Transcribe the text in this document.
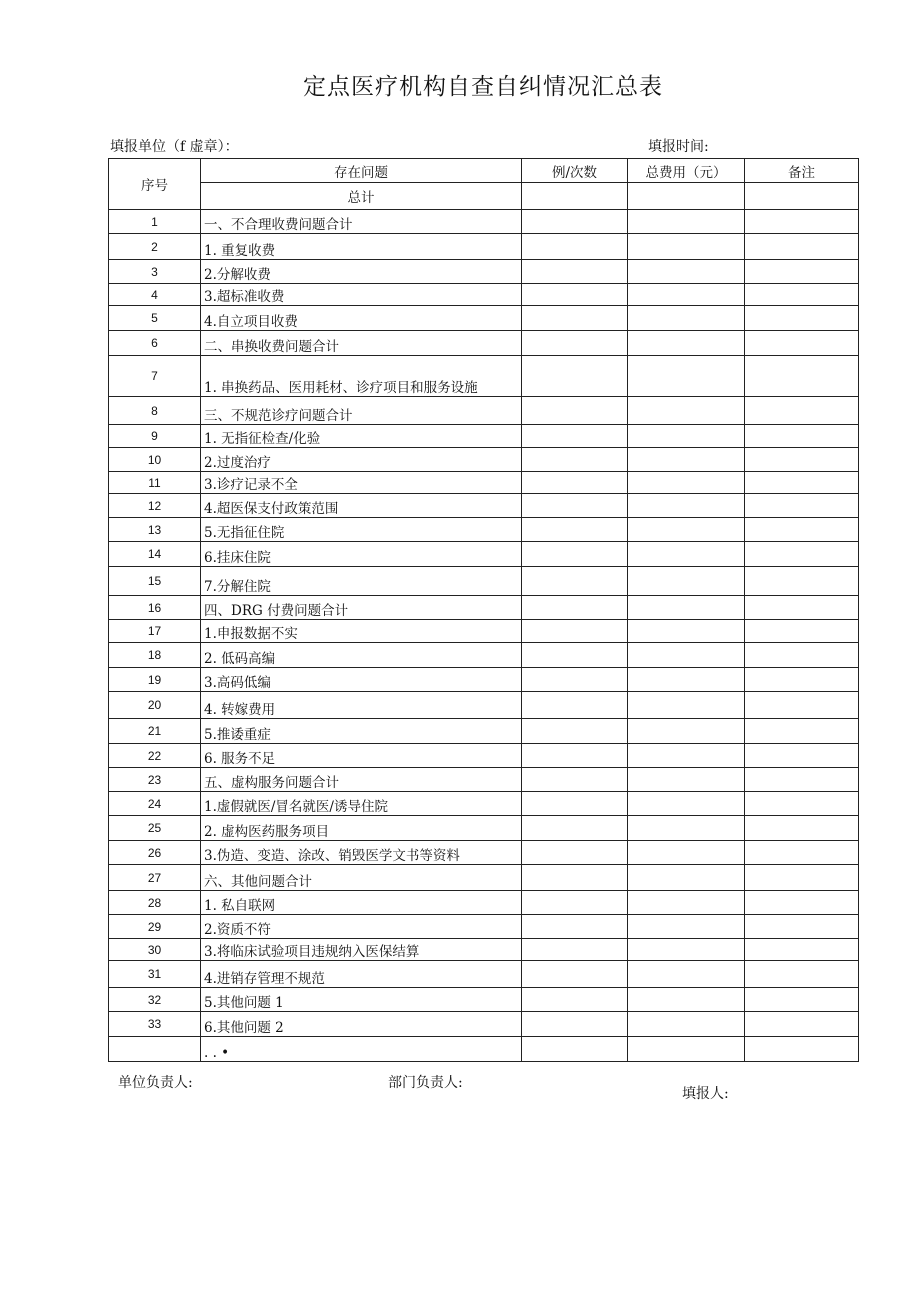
定点医疗机构自查自纠情况汇总表
填报单位（f 虚章）：	填报时间:
序号	存在问题	例/次数	总费用（元）	备注
	总计			
1	一、不合理收费问题合计			
2	1. 重复收费			
3	2.分解收费			
4	3.超标准收费			
5	4.自立项目收费			
6	二、串换收费问题合计			
7	1. 串换药品、医用耗材、诊疗项目和服务设施			
8	三、不规范诊疗问题合计			
9	1. 无指征检查/化验			
10	2.过度治疗			
11	3.诊疗记录不全			
12	4.超医保支付政策范围			
13	5.无指征住院			
14	6.挂床住院			
15	7.分解住院			
16	四、DRG 付费问题合计			
17	1.申报数据不实			
18	2. 低码高编			
19	3.高码低编			
20	4. 转嫁费用			
21	5.推诿重症			
22	6. 服务不足			
23	五、虚构服务问题合计			
24	1.虚假就医/冒名就医/诱导住院			
25	2. 虚构医药服务项目			
26	3.伪造、变造、涂改、销毁医学文书等资料			
27	六、其他问题合计			
28	1. 私自联网			
29	2.资质不符			
30	3.将临床试验项目违规纳入医保结算			
31	4.进销存管理不规范			
32	5.其他问题 1			
33	6.其他问题 2			
	. . •			
单位负责人:	部门负责人:
填报人:
